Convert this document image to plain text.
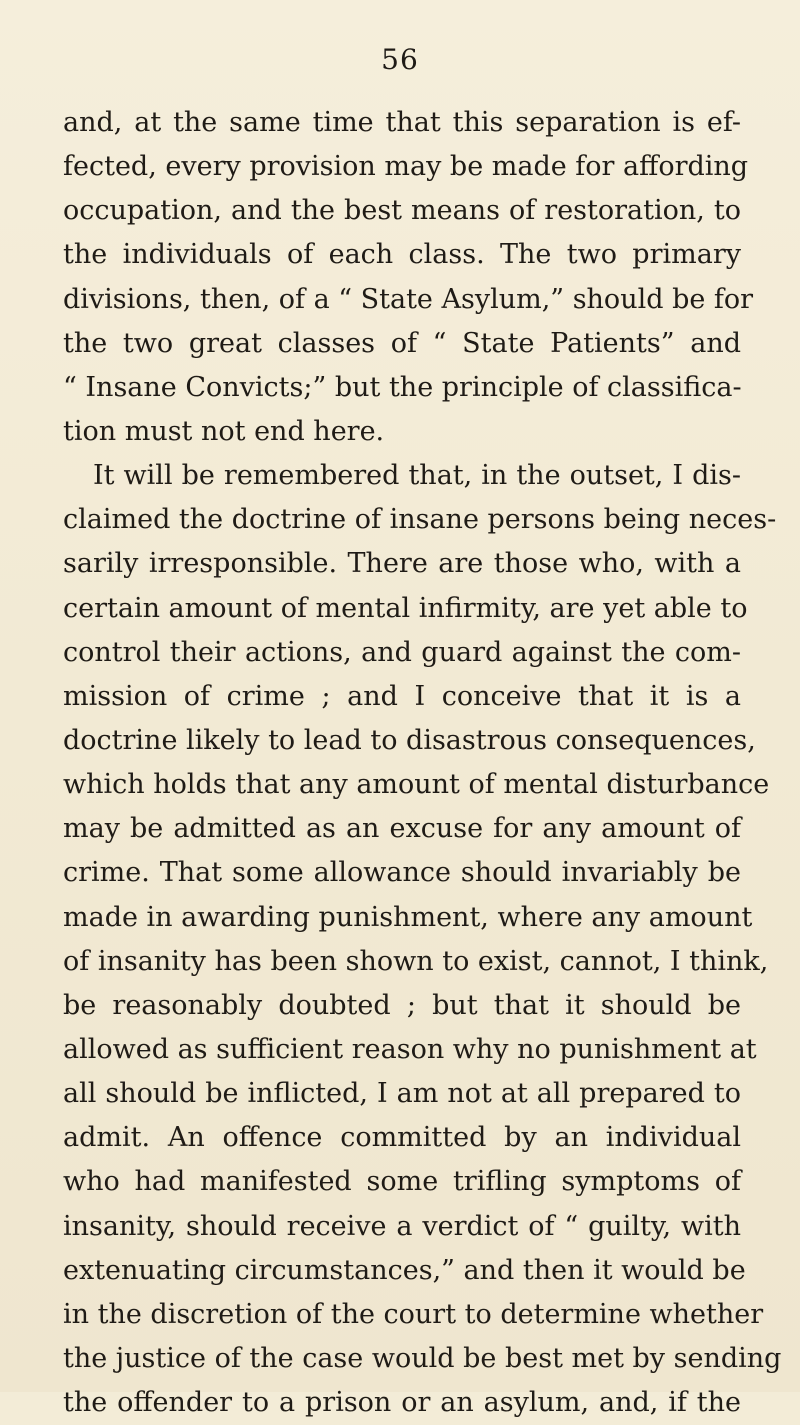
56
and, at the same time that this separation is ef-
fected, every provision may be made for affording
occupation, and the best means of restoration, to
the individuals of each class. The two primary
divisions, then, of a “ State Asylum,” should be for
the two great classes of “ State Patients” and
“ Insane Convicts;” but the principle of classifica-
tion must not end here.
It will be remembered that, in the outset, I dis-
claimed the doctrine of insane persons being neces-
sarily irresponsible. There are those who, with a
certain amount of mental infirmity, are yet able to
control their actions, and guard against the com-
mission of crime ; and I conceive that it is a
doctrine likely to lead to disastrous consequences,
which holds that any amount of mental disturbance
may be admitted as an excuse for any amount of
crime. That some allowance should invariably be
made in awarding punishment, where any amount
of insanity has been shown to exist, cannot, I think,
be reasonably doubted ; but that it should be
allowed as sufficient reason why no punishment at
all should be inflicted, I am not at all prepared to
admit. An offence committed by an individual
who had manifested some trifling symptoms of
insanity, should receive a verdict of “ guilty, with
extenuating circumstances,” and then it would be
in the discretion of the court to determine whether
the justice of the case would be best met by sending
the offender to a prison or an asylum, and, if the
